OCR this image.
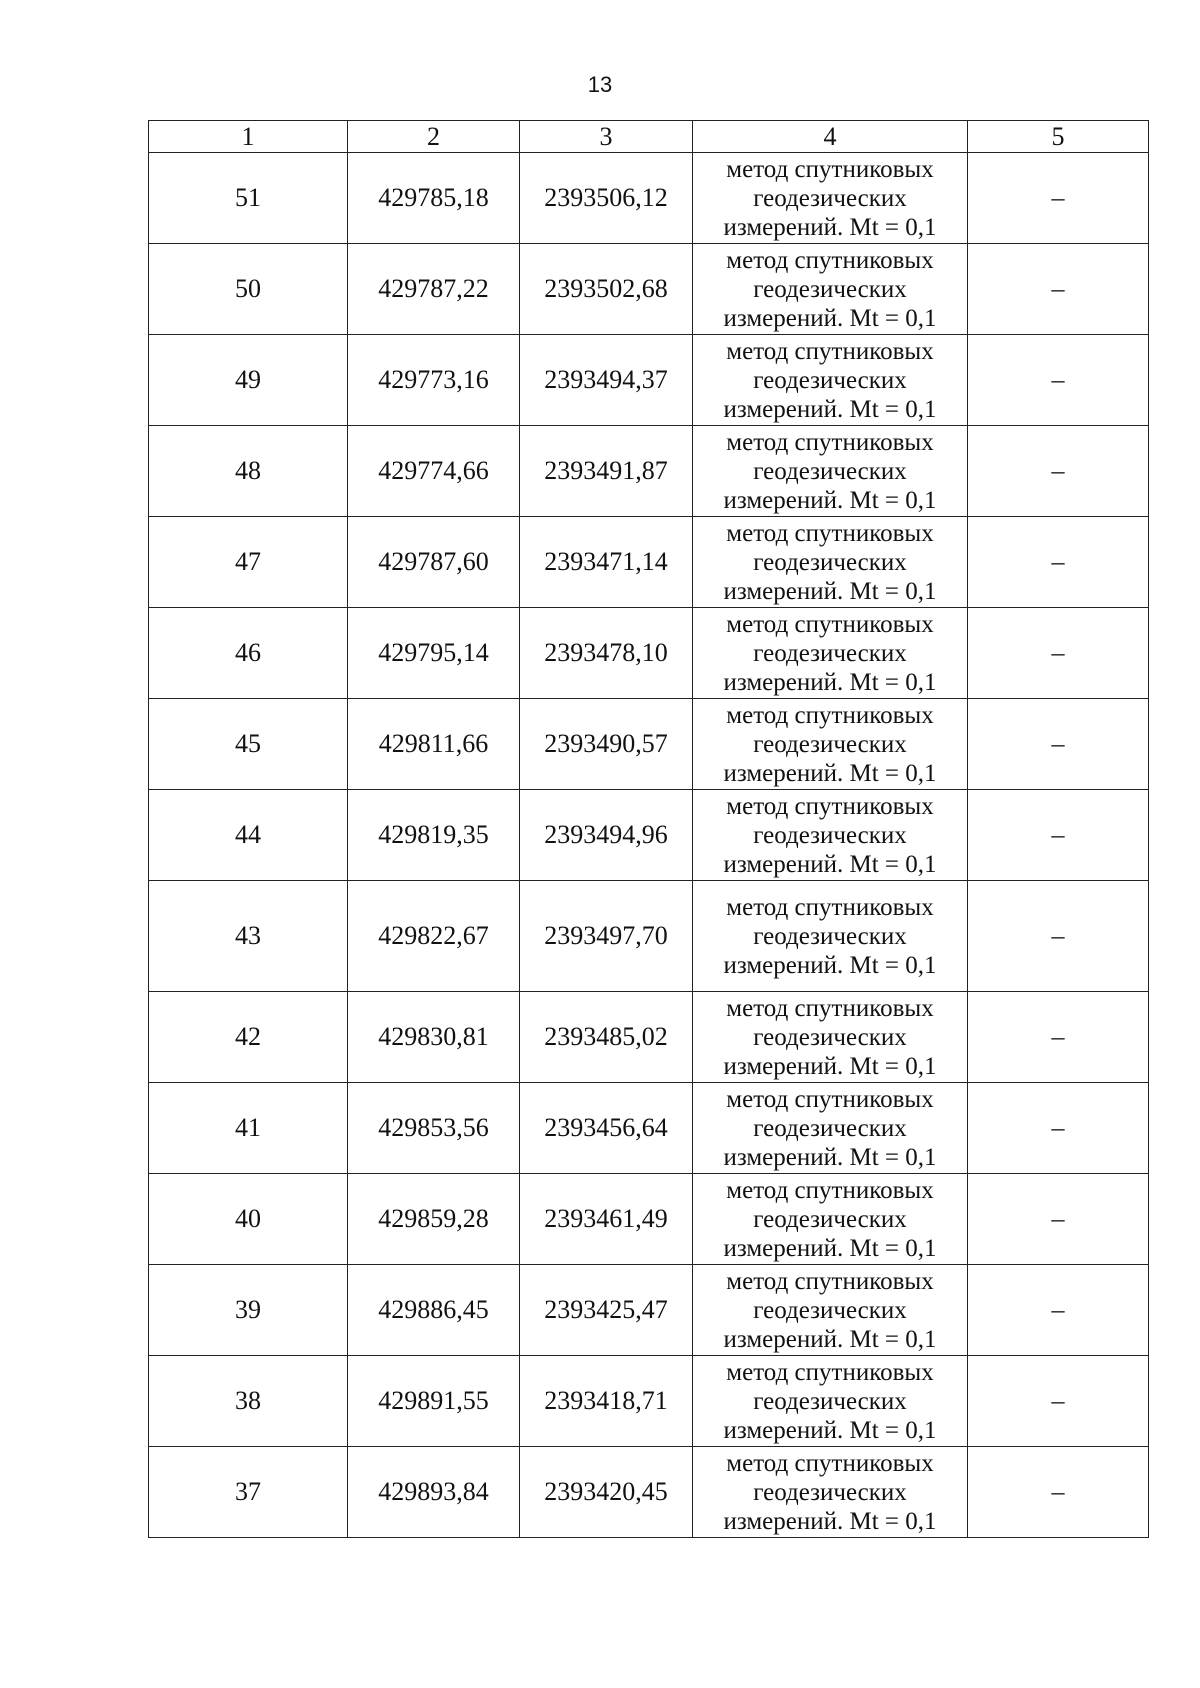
13
1	2	3	4	5
51	429785,18	2393506,12	метод спутниковых
геодезических
измерений. Mt = 0,1	–
50	429787,22	2393502,68	метод спутниковых
геодезических
измерений. Mt = 0,1	–
49	429773,16	2393494,37	метод спутниковых
геодезических
измерений. Mt = 0,1	–
48	429774,66	2393491,87	метод спутниковых
геодезических
измерений. Mt = 0,1	–
47	429787,60	2393471,14	метод спутниковых
геодезических
измерений. Mt = 0,1	–
46	429795,14	2393478,10	метод спутниковых
геодезических
измерений. Mt = 0,1	–
45	429811,66	2393490,57	метод спутниковых
геодезических
измерений. Mt = 0,1	–
44	429819,35	2393494,96	метод спутниковых
геодезических
измерений. Mt = 0,1	–
43	429822,67	2393497,70	метод спутниковых
геодезических
измерений. Mt = 0,1	–
42	429830,81	2393485,02	метод спутниковых
геодезических
измерений. Mt = 0,1	–
41	429853,56	2393456,64	метод спутниковых
геодезических
измерений. Mt = 0,1	–
40	429859,28	2393461,49	метод спутниковых
геодезических
измерений. Mt = 0,1	–
39	429886,45	2393425,47	метод спутниковых
геодезических
измерений. Mt = 0,1	–
38	429891,55	2393418,71	метод спутниковых
геодезических
измерений. Mt = 0,1	–
37	429893,84	2393420,45	метод спутниковых
геодезических
измерений. Mt = 0,1	–
